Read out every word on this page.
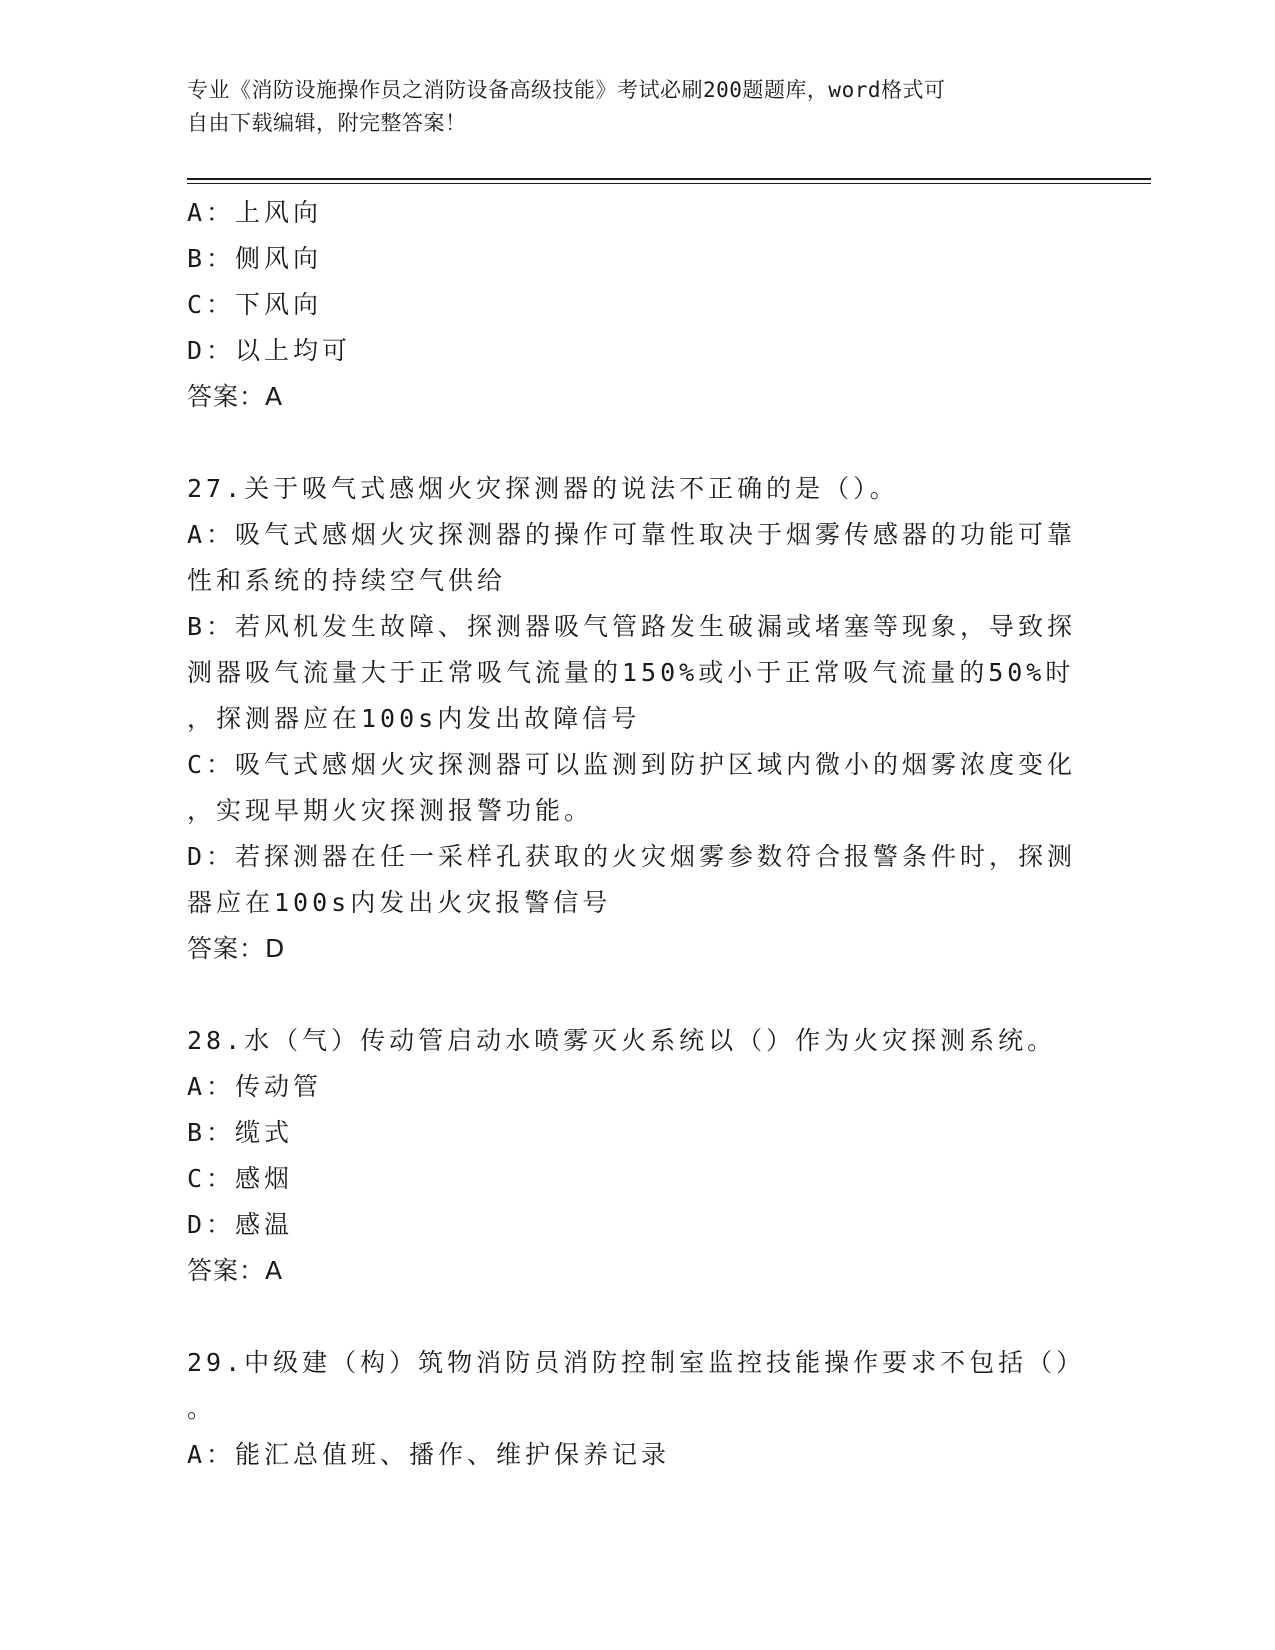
专业《消防设施操作员之消防设备高级技能》考试必刷200题题库，word格式可
自由下载编辑，附完整答案！
A：上风向
B：侧风向
C：下风向
D：以上均可
答案：A
27.关于吸气式感烟火灾探测器的说法不正确的是（）。
A：吸气式感烟火灾探测器的操作可靠性取决于烟雾传感器的功能可靠
性和系统的持续空气供给
B：若风机发生故障、探测器吸气管路发生破漏或堵塞等现象，导致探
测器吸气流量大于正常吸气流量的150%或小于正常吸气流量的50%时
，探测器应在100s内发出故障信号
C：吸气式感烟火灾探测器可以监测到防护区域内微小的烟雾浓度变化
，实现早期火灾探测报警功能。
D：若探测器在任一采样孔获取的火灾烟雾参数符合报警条件时，探测
器应在100s内发出火灾报警信号
答案：D
28.水（气）传动管启动水喷雾灭火系统以（）作为火灾探测系统。
A：传动管
B：缆式
C：感烟
D：感温
答案：A
29.中级建（构）筑物消防员消防控制室监控技能操作要求不包括（）
。
A：能汇总值班、播作、维护保养记录
